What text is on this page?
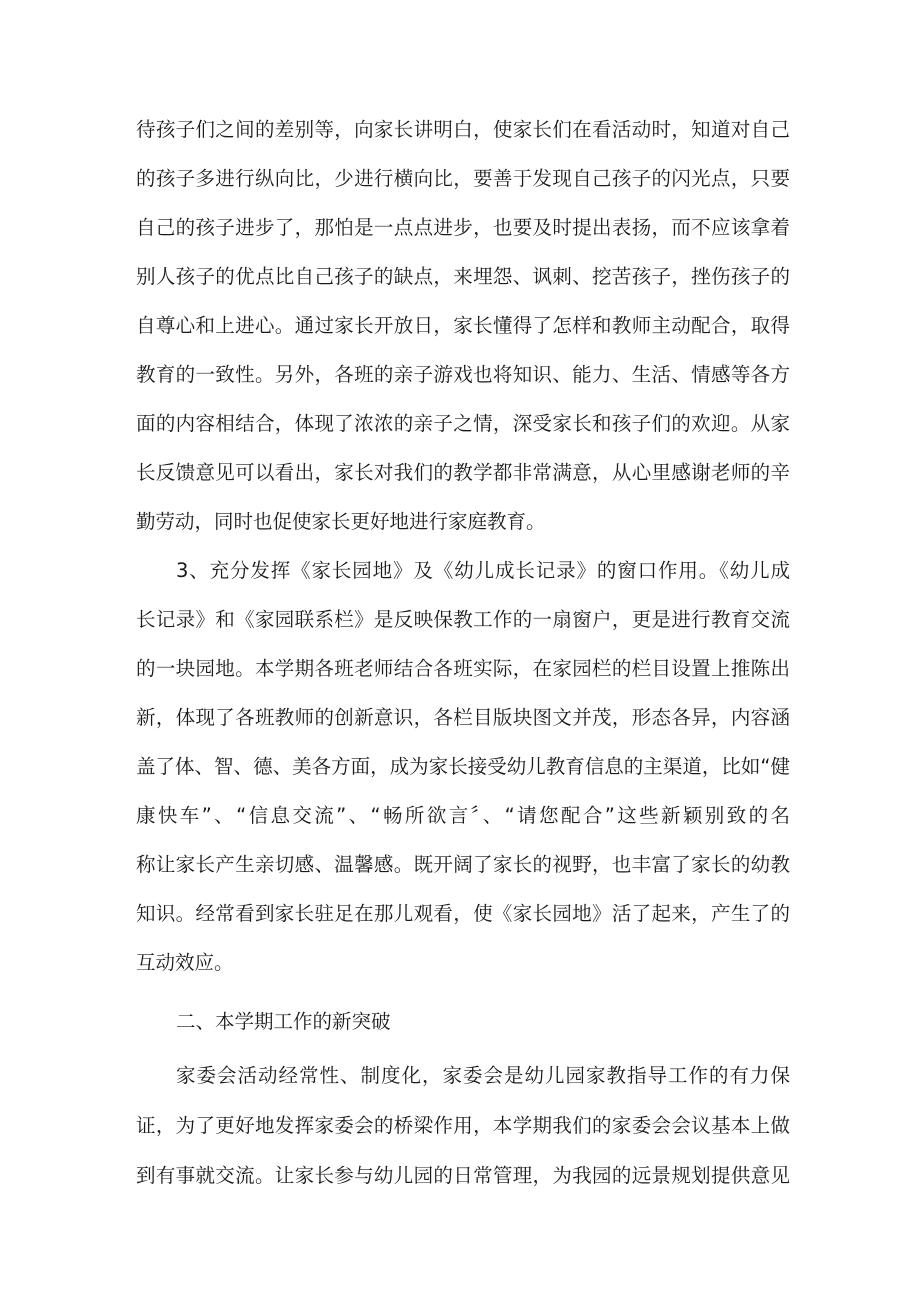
待孩子们之间的差别等，向家长讲明白，使家长们在看活动时，知道对自己
的孩子多进行纵向比，少进行横向比，要善于发现自己孩子的闪光点，只要
自己的孩子进步了，那怕是一点点进步，也要及时提出表扬，而不应该拿着
别人孩子的优点比自己孩子的缺点，来埋怨、讽刺、挖苦孩子，挫伤孩子的
自尊心和上进心。通过家长开放日，家长懂得了怎样和教师主动配合，取得
教育的一致性。另外，各班的亲子游戏也将知识、能力、生活、情感等各方
面的内容相结合，体现了浓浓的亲子之情，深受家长和孩子们的欢迎。从家
长反馈意见可以看出，家长对我们的教学都非常满意，从心里感谢老师的辛
勤劳动，同时也促使家长更好地进行家庭教育。
3、充分发挥《家长园地》及《幼儿成长记录》的窗口作用。《幼儿成
长记录》和《家园联系栏》是反映保教工作的一扇窗户，更是进行教育交流
的一块园地。本学期各班老师结合各班实际，在家园栏的栏目设置上推陈出
新，体现了各班教师的创新意识，各栏目版块图文并茂，形态各异，内容涵
盖了体、智、德、美各方面，成为家长接受幼儿教育信息的主渠道，比如“健
康快车”、“信息交流”、“畅所欲言〞、“请您配合”这些新颖别致的名
称让家长产生亲切感、温馨感。既开阔了家长的视野，也丰富了家长的幼教
知识。经常看到家长驻足在那儿观看，使《家长园地》活了起来，产生了的
互动效应。
二、本学期工作的新突破
家委会活动经常性、制度化，家委会是幼儿园家教指导工作的有力保
证，为了更好地发挥家委会的桥梁作用，本学期我们的家委会会议基本上做
到有事就交流。让家长参与幼儿园的日常管理，为我园的远景规划提供意见
